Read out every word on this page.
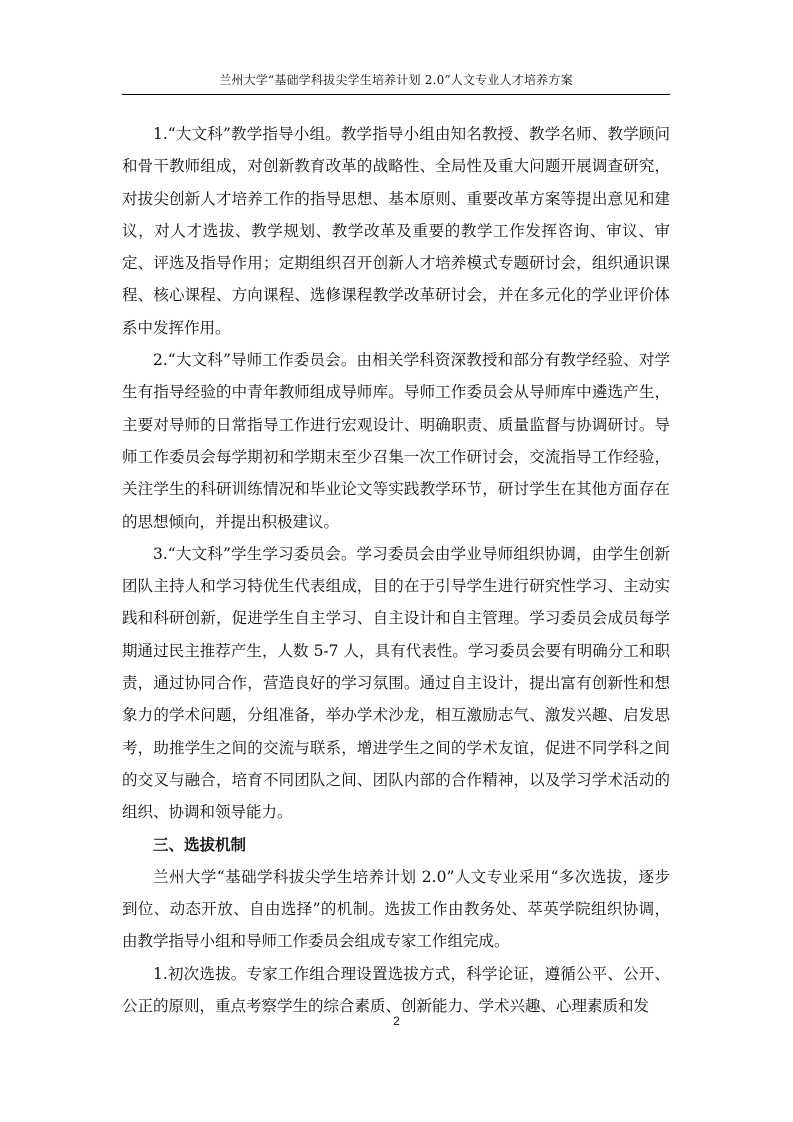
兰州大学“基础学科拔尖学生培养计划 2.0”人文专业人才培养方案

1.“大文科”教学指导小组。教学指导小组由知名教授、教学名师、教学顾问和骨干教师组成，对创新教育改革的战略性、全局性及重大问题开展调查研究，对拔尖创新人才培养工作的指导思想、基本原则、重要改革方案等提出意见和建议，对人才选拔、教学规划、教学改革及重要的教学工作发挥咨询、审议、审定、评选及指导作用；定期组织召开创新人才培养模式专题研讨会，组织通识课程、核心课程、方向课程、选修课程教学改革研讨会，并在多元化的学业评价体系中发挥作用。

2.“大文科”导师工作委员会。由相关学科资深教授和部分有教学经验、对学生有指导经验的中青年教师组成导师库。导师工作委员会从导师库中遴选产生，主要对导师的日常指导工作进行宏观设计、明确职责、质量监督与协调研讨。导师工作委员会每学期初和学期末至少召集一次工作研讨会，交流指导工作经验，关注学生的科研训练情况和毕业论文等实践教学环节，研讨学生在其他方面存在的思想倾向，并提出积极建议。

3.“大文科”学生学习委员会。学习委员会由学业导师组织协调，由学生创新团队主持人和学习特优生代表组成，目的在于引导学生进行研究性学习、主动实践和科研创新，促进学生自主学习、自主设计和自主管理。学习委员会成员每学期通过民主推荐产生，人数 5-7 人，具有代表性。学习委员会要有明确分工和职责，通过协同合作，营造良好的学习氛围。通过自主设计，提出富有创新性和想象力的学术问题，分组准备，举办学术沙龙，相互激励志气、激发兴趣、启发思考，助推学生之间的交流与联系，增进学生之间的学术友谊，促进不同学科之间的交叉与融合，培育不同团队之间、团队内部的合作精神，以及学习学术活动的组织、协调和领导能力。

三、选拔机制

兰州大学“基础学科拔尖学生培养计划 2.0”人文专业采用“多次选拔，逐步到位、动态开放、自由选择”的机制。选拔工作由教务处、萃英学院组织协调，由教学指导小组和导师工作委员会组成专家工作组完成。

1.初次选拔。专家工作组合理设置选拔方式，科学论证，遵循公平、公开、公正的原则，重点考察学生的综合素质、创新能力、学术兴趣、心理素质和发

2
